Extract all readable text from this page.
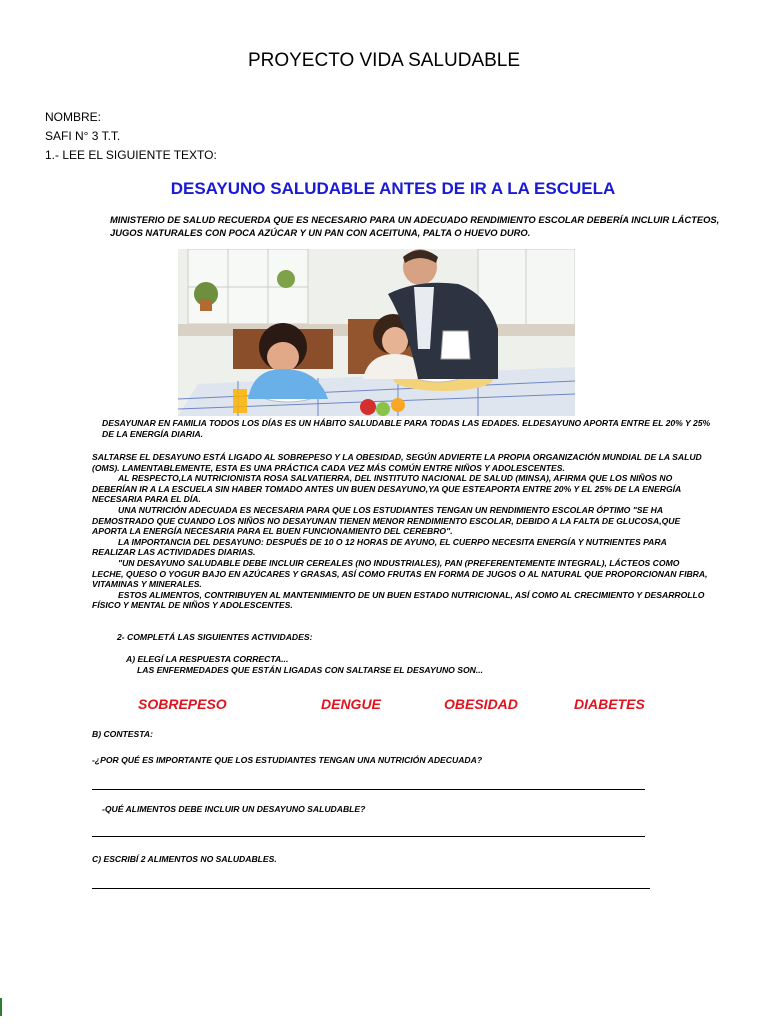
PROYECTO VIDA SALUDABLE
NOMBRE:
SAFI N° 3 T.T.
1.- LEE EL SIGUIENTE TEXTO:
DESAYUNO SALUDABLE ANTES DE IR A LA ESCUELA
MINISTERIO DE SALUD RECUERDA QUE ES NECESARIO PARA UN ADECUADO RENDIMIENTO ESCOLAR DEBERÍA INCLUIR LÁCTEOS, JUGOS NATURALES CON POCA AZÚCAR Y UN PAN CON ACEITUNA, PALTA O HUEVO DURO.
DESAYUNAR EN FAMILIA TODOS LOS DÍAS ES UN HÁBITO SALUDABLE PARA TODAS LAS EDADES. ELDESAYUNO APORTA ENTRE EL 20% Y 25% DE LA ENERGÍA DIARIA.

SALTARSE EL DESAYUNO ESTÁ LIGADO AL SOBREPESO Y LA OBESIDAD, SEGÚN ADVIERTE LA PROPIA ORGANIZACIÓN MUNDIAL DE LA SALUD (OMS). LAMENTABLEMENTE, ESTA ES UNA PRÁCTICA CADA VEZ MÁS COMÚN ENTRE NIÑOS Y ADOLESCENTES.

AL RESPECTO,LA NUTRICIONISTA ROSA SALVATIERRA, DEL INSTITUTO NACIONAL DE SALUD (MINSA), AFIRMA QUE LOS NIÑOS NO DEBERÍAN IR A LA ESCUELA SIN HABER TOMADO ANTES UN BUEN DESAYUNO,YA QUE ESTEAPORTA ENTRE 20% Y EL 25% DE LA ENERGÍA NECESARIA PARA EL DÍA.

UNA NUTRICIÓN ADECUADA ES NECESARIA PARA QUE LOS ESTUDIANTES TENGAN UN RENDIMIENTO ESCOLAR ÓPTIMO "SE HA DEMOSTRADO QUE CUANDO LOS NIÑOS NO DESAYUNAN TIENEN MENOR RENDIMIENTO ESCOLAR, DEBIDO A LA FALTA DE GLUCOSA,QUE APORTA LA ENERGÍA NECESARIA PARA EL BUEN FUNCIONAMIENTO DEL CEREBRO".

LA IMPORTANCIA DEL DESAYUNO: DESPUÉS DE 10 O 12 HORAS DE AYUNO, EL CUERPO NECESITA ENERGÍA Y NUTRIENTES PARA REALIZAR LAS ACTIVIDADES DIARIAS.

"UN DESAYUNO SALUDABLE DEBE INCLUIR CEREALES (NO INDUSTRIALES), PAN (PREFERENTEMENTE INTEGRAL), LÁCTEOS COMO LECHE, QUESO O YOGUR BAJO EN AZÚCARES Y GRASAS, ASÍ COMO FRUTAS EN FORMA DE JUGOS O AL NATURAL QUE PROPORCIONAN FIBRA, VITAMINAS Y MINERALES.

ESTOS ALIMENTOS, CONTRIBUYEN AL MANTENIMIENTO DE UN BUEN ESTADO NUTRICIONAL, ASÍ COMO AL CRECIMIENTO Y DESARROLLO FÍSICO Y MENTAL DE NIÑOS Y ADOLESCENTES.

2- COMPLETÁ LAS SIGUIENTES ACTIVIDADES:
A) ELEGÍ LA RESPUESTA CORRECTA...
LAS ENFERMEDADES QUE ESTÁN LIGADAS CON SALTARSE EL DESAYUNO SON...
SOBREPESO	DENGUE	OBESIDAD	DIABETES
B) CONTESTA:
-¿POR QUÉ ES IMPORTANTE QUE LOS ESTUDIANTES TENGAN UNA NUTRICIÓN ADECUADA?
-QUÉ ALIMENTOS DEBE INCLUIR UN DESAYUNO SALUDABLE?
C) ESCRIBÍ 2 ALIMENTOS NO SALUDABLES.
